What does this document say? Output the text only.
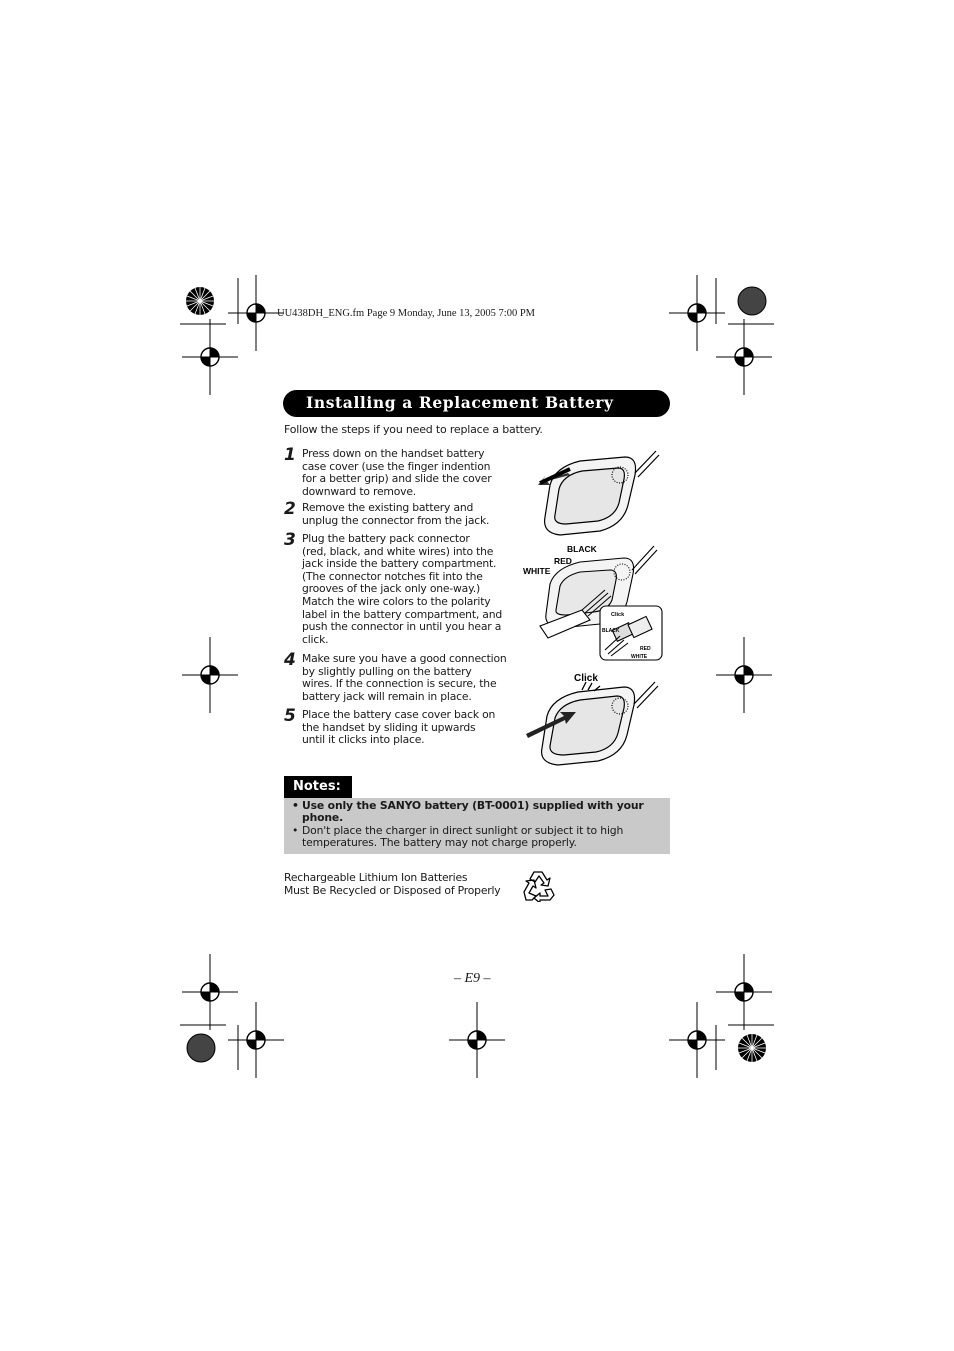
UU438DH_ENG.fm Page 9 Monday, June 13, 2005 7:00 PM
Installing a Replacement Battery
Follow the steps if you need to replace a battery.
1 Press down on the handset battery
case cover (use the finger indention
for a better grip) and slide the cover
downward to remove.
2 Remove the existing battery and
unplug the connector from the jack.
3 Plug the battery pack connector
(red, black, and white wires) into the
jack inside the battery compartment.
(The connector notches fit into the
grooves of the jack only one-way.)
Match the wire colors to the polarity
label in the battery compartment, and
push the connector in until you hear a
click.
4 Make sure you have a good connection
by slightly pulling on the battery
wires. If the connection is secure, the
battery jack will remain in place.
5 Place the battery case cover back on
the handset by sliding it upwards
until it clicks into place.
BLACK
RED
WHITE
Click
BLACK
RED
WHITE
Click
Notes:
• Use only the SANYO battery (BT-0001) supplied with your
phone.
• Don't place the charger in direct sunlight or subject it to high
temperatures. The battery may not charge properly.
Rechargeable Lithium Ion Batteries
Must Be Recycled or Disposed of Properly
– E9 –
